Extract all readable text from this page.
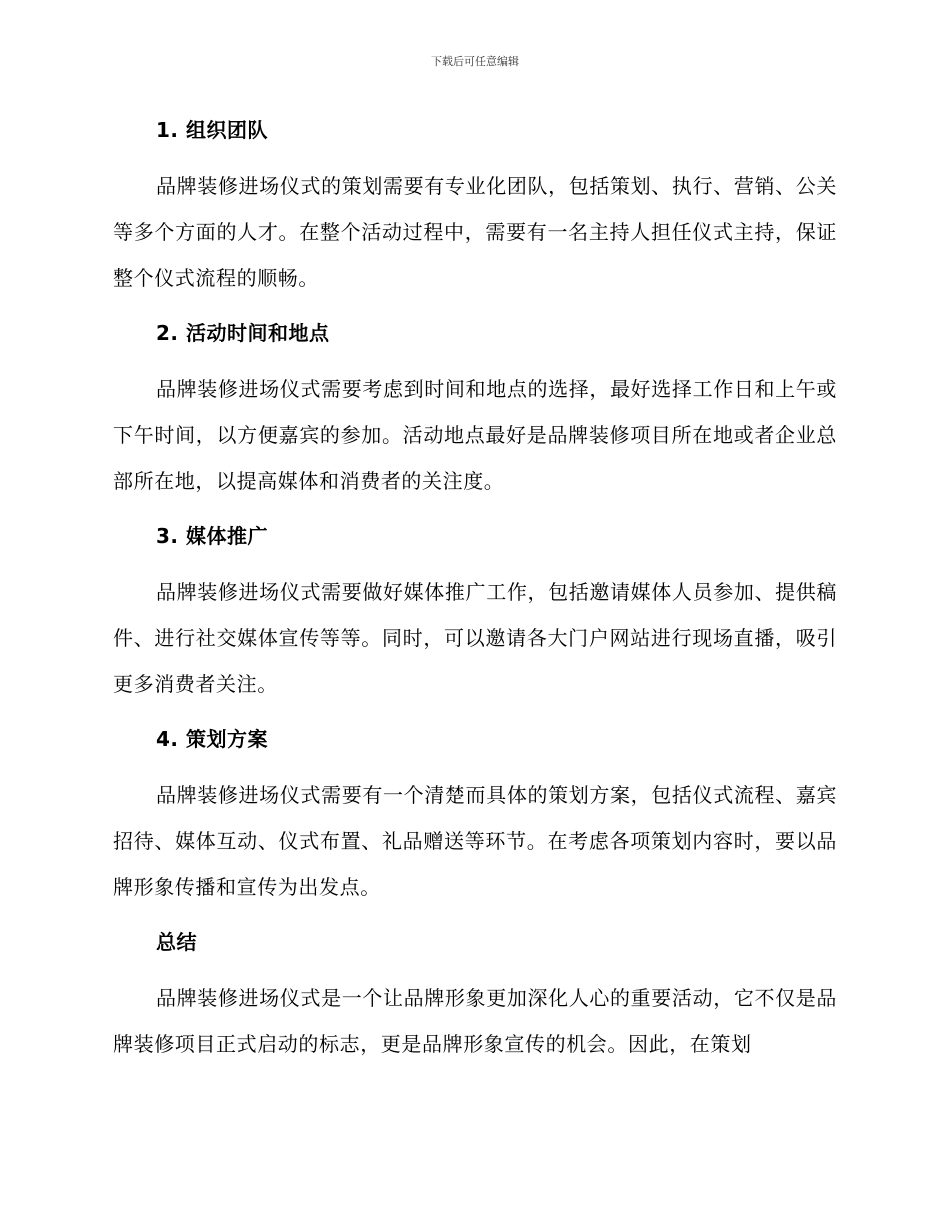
下载后可任意编辑
1. 组织团队

品牌装修进场仪式的策划需要有专业化团队，包括策划、执行、营销、公关等多个方面的人才。在整个活动过程中，需要有一名主持人担任仪式主持，保证整个仪式流程的顺畅。

2. 活动时间和地点

品牌装修进场仪式需要考虑到时间和地点的选择，最好选择工作日和上午或下午时间，以方便嘉宾的参加。活动地点最好是品牌装修项目所在地或者企业总部所在地，以提高媒体和消费者的关注度。

3. 媒体推广

品牌装修进场仪式需要做好媒体推广工作，包括邀请媒体人员参加、提供稿件、进行社交媒体宣传等等。同时，可以邀请各大门户网站进行现场直播，吸引更多消费者关注。

4. 策划方案

品牌装修进场仪式需要有一个清楚而具体的策划方案，包括仪式流程、嘉宾招待、媒体互动、仪式布置、礼品赠送等环节。在考虑各项策划内容时，要以品牌形象传播和宣传为出发点。

总结

品牌装修进场仪式是一个让品牌形象更加深化人心的重要活动，它不仅是品牌装修项目正式启动的标志，更是品牌形象宣传的机会。因此，在策划
